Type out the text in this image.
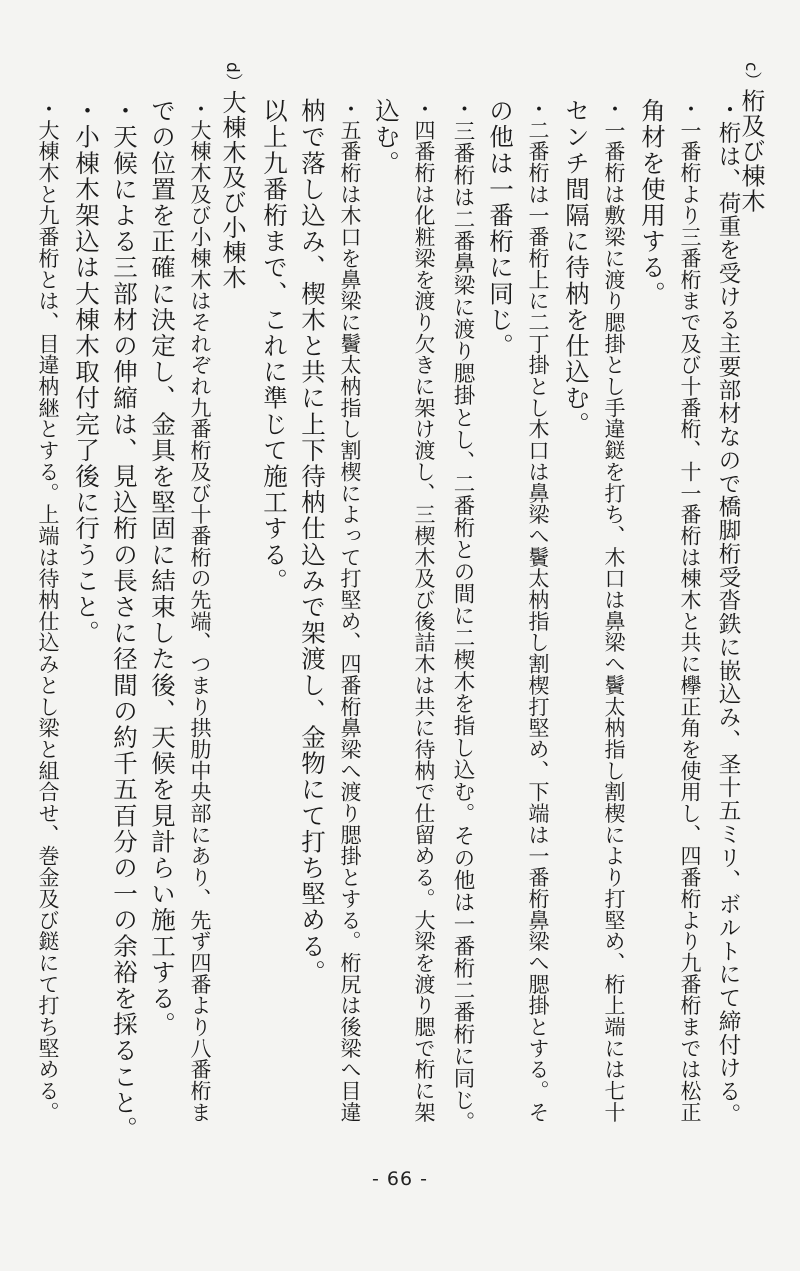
c）桁及び棟木
・桁は、荷重を受ける主要部材なので橋脚桁受沓鉄に嵌込み、圣十五ミリ、ボルトにて締付ける。
・一番桁より三番桁まで及び十番桁、十一番桁は棟木と共に欅正角を使用し、四番桁より九番桁までは松正
角材を使用する。
・一番桁は敷梁に渡り腮掛とし手違鎹を打ち、木口は鼻梁へ鬢太枘指し割楔により打堅め、桁上端には七十
センチ間隔に待枘を仕込む。
・二番桁は一番桁上に二丁掛とし木口は鼻梁へ鬢太枘指し割楔打堅め、下端は一番桁鼻梁へ腮掛とする。そ
の他は一番桁に同じ。
・三番桁は二番鼻梁に渡り腮掛とし、二番桁との間に二楔木を指し込む。その他は一番桁二番桁に同じ。
・四番桁は化粧梁を渡り欠きに架け渡し、三楔木及び後詰木は共に待枘で仕留める。大梁を渡り腮で桁に架
込む。
・五番桁は木口を鼻梁に鬢太枘指し割楔によって打堅め、四番桁鼻梁へ渡り腮掛とする。桁尻は後梁へ目違
枘で落し込み、楔木と共に上下待枘仕込みで架渡し、金物にて打ち堅める。
以上九番桁まで、これに準じて施工する。
d）大棟木及び小棟木
・大棟木及び小棟木はそれぞれ九番桁及び十番桁の先端、つまり拱肋中央部にあり、先ず四番より八番桁ま
での位置を正確に決定し、金具を堅固に結束した後、天候を見計らい施工する。
・天候による三部材の伸縮は、見込桁の長さに径間の約千五百分の一の余裕を採ること。
・小棟木架込は大棟木取付完了後に行うこと。
・大棟木と九番桁とは、目違枘継とする。上端は待枘仕込みとし梁と組合せ、巻金及び鎹にて打ち堅める。
- 66 -
